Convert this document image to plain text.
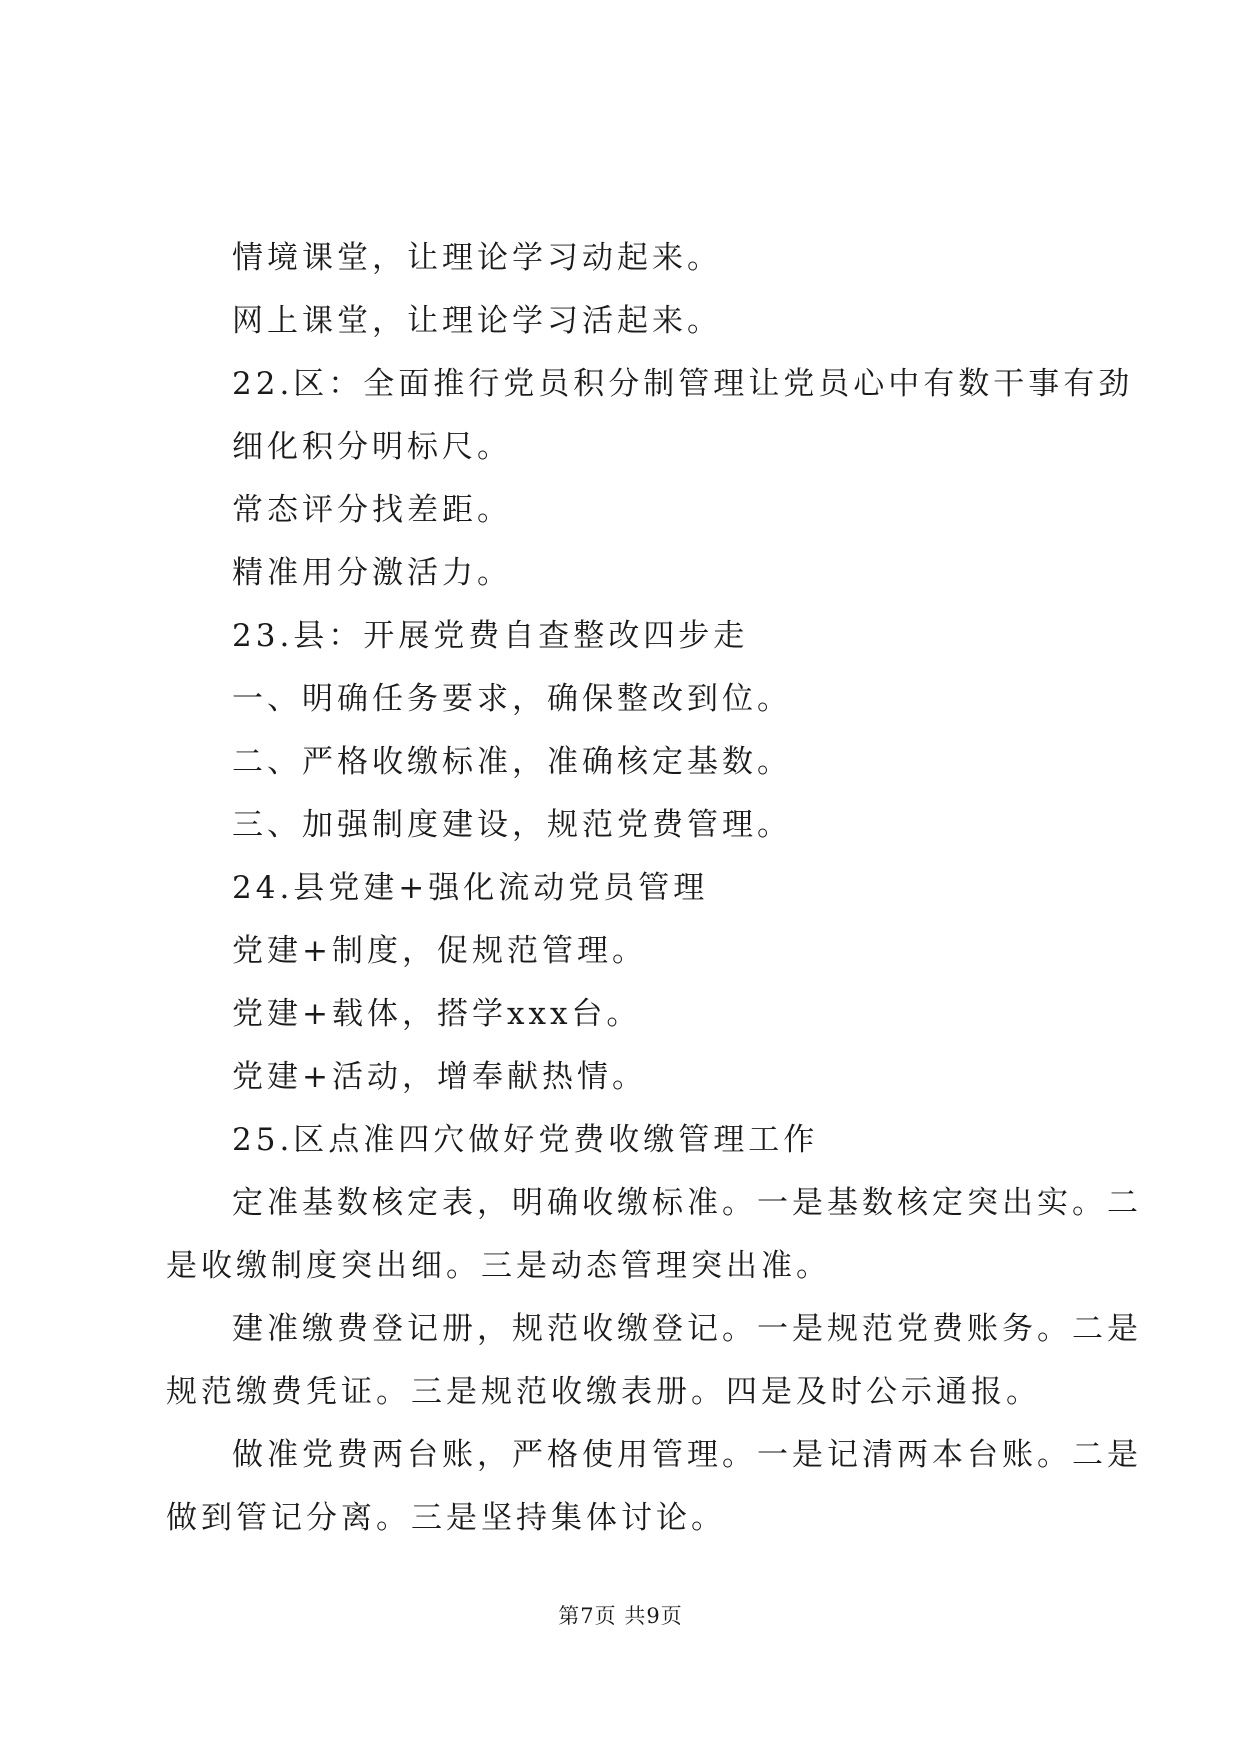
情境课堂，让理论学习动起来。
网上课堂，让理论学习活起来。
22.区：全面推行党员积分制管理让党员心中有数干事有劲
细化积分明标尺。
常态评分找差距。
精准用分激活力。
23.县：开展党费自查整改四步走
一、明确任务要求，确保整改到位。
二、严格收缴标准，准确核定基数。
三、加强制度建设，规范党费管理。
24.县党建+强化流动党员管理
党建+制度，促规范管理。
党建+载体，搭学xxx台。
党建+活动，增奉献热情。
25.区点准四穴做好党费收缴管理工作
定准基数核定表，明确收缴标准。一是基数核定突出实。二
是收缴制度突出细。三是动态管理突出准。
建准缴费登记册，规范收缴登记。一是规范党费账务。二是
规范缴费凭证。三是规范收缴表册。四是及时公示通报。
做准党费两台账，严格使用管理。一是记清两本台账。二是
做到管记分离。三是坚持集体讨论。
第7页 共9页
